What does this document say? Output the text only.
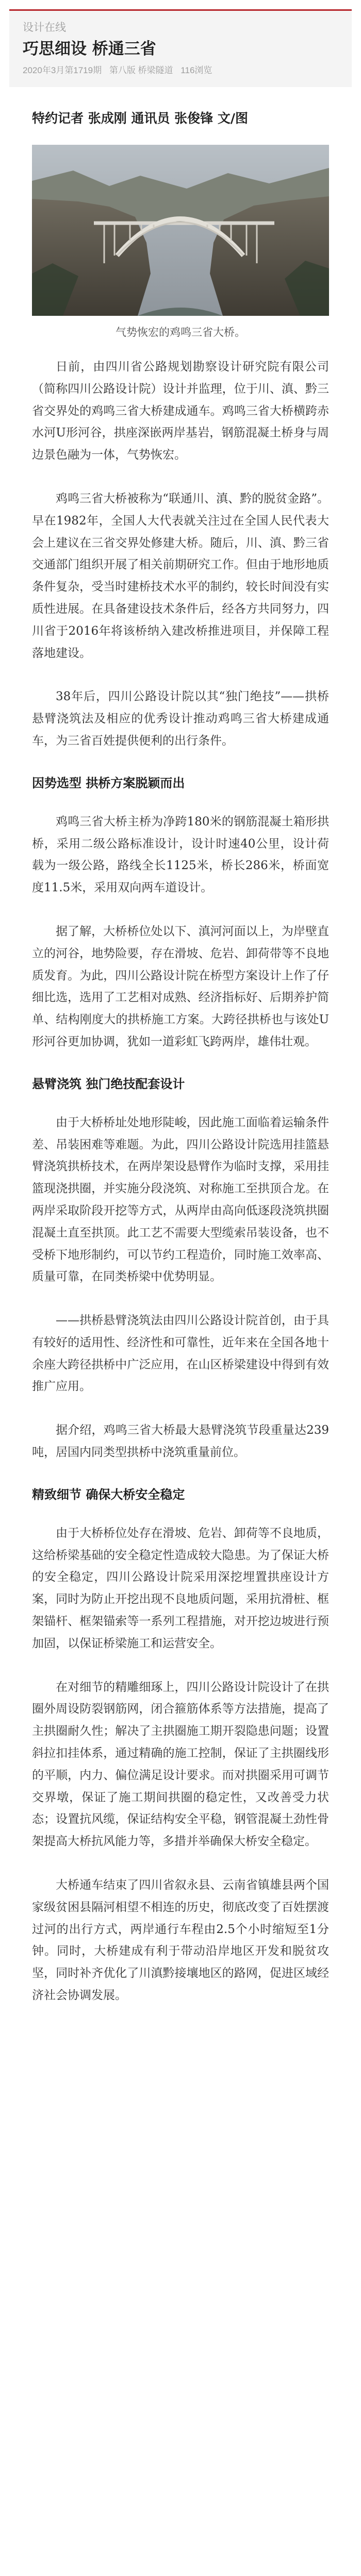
设计在线
巧思细设 桥通三省
2020年3月第1719期 第八版 桥梁隧道 116浏览
特约记者 张成刚 通讯员 张俊锋 文/图
气势恢宏的鸡鸣三省大桥。

日前，由四川省公路规划勘察设计研究院有限公司（简称四川公路设计院）设计并监理，位于川、滇、黔三省交界处的鸡鸣三省大桥建成通车。鸡鸣三省大桥横跨赤水河U形河谷，拱座深嵌两岸基岩，钢筋混凝土桥身与周边景色融为一体，气势恢宏。

鸡鸣三省大桥被称为“联通川、滇、黔的脱贫金路”。早在1982年，全国人大代表就关注过在全国人民代表大会上建议在三省交界处修建大桥。随后，川、滇、黔三省交通部门组织开展了相关前期研究工作。但由于地形地质条件复杂，受当时建桥技术水平的制约，较长时间没有实质性进展。在具备建设技术条件后，经各方共同努力，四川省于2016年将该桥纳入建改桥推进项目，并保障工程落地建设。

38年后，四川公路设计院以其“独门绝技”——拱桥悬臂浇筑法及相应的优秀设计推动鸡鸣三省大桥建成通车，为三省百姓提供便利的出行条件。

因势选型 拱桥方案脱颖而出

鸡鸣三省大桥主桥为净跨180米的钢筋混凝土箱形拱桥，采用二级公路标准设计，设计时速40公里，设计荷载为一级公路，路线全长1125米，桥长286米，桥面宽度11.5米，采用双向两车道设计。

据了解，大桥桥位处以下、滇河河面以上，为岸壁直立的河谷，地势险要，存在滑坡、危岩、卸荷带等不良地质发育。为此，四川公路设计院在桥型方案设计上作了仔细比选，选用了工艺相对成熟、经济指标好、后期养护简单、结构刚度大的拱桥施工方案。大跨径拱桥也与该处U形河谷更加协调，犹如一道彩虹飞跨两岸，雄伟壮观。

悬臂浇筑 独门绝技配套设计

由于大桥桥址处地形陡峻，因此施工面临着运输条件差、吊装困难等难题。为此，四川公路设计院选用挂篮悬臂浇筑拱桥技术，在两岸架设悬臂作为临时支撑，采用挂篮现浇拱圈，并实施分段浇筑、对称施工至拱顶合龙。在两岸采取阶段开挖等方式，从两岸由高向低逐段浇筑拱圈混凝土直至拱顶。此工艺不需要大型缆索吊装设备，也不受桥下地形制约，可以节约工程造价，同时施工效率高、质量可靠，在同类桥梁中优势明显。

——拱桥悬臂浇筑法由四川公路设计院首创，由于具有较好的适用性、经济性和可靠性，近年来在全国各地十余座大跨径拱桥中广泛应用，在山区桥梁建设中得到有效推广应用。

据介绍，鸡鸣三省大桥最大悬臂浇筑节段重量达239吨，居国内同类型拱桥中浇筑重量前位。

精致细节 确保大桥安全稳定

由于大桥桥位处存在滑坡、危岩、卸荷等不良地质，这给桥梁基础的安全稳定性造成较大隐患。为了保证大桥的安全稳定，四川公路设计院采用深挖埋置拱座设计方案，同时为防止开挖出现不良地质问题，采用抗滑桩、框架锚杆、框架锚索等一系列工程措施，对开挖边坡进行预加固，以保证桥梁施工和运营安全。

在对细节的精雕细琢上，四川公路设计院设计了在拱圈外周设防裂钢筋网，闭合箍筋体系等方法措施，提高了主拱圈耐久性；解决了主拱圈施工期开裂隐患问题；设置斜拉扣挂体系，通过精确的施工控制，保证了主拱圈线形的平顺，内力、偏位满足设计要求。而对拱圈采用可调节交界墩，保证了施工期间拱圈的稳定性，又改善受力状态；设置抗风缆，保证结构安全平稳，钢管混凝土劲性骨架提高大桥抗风能力等，多措并举确保大桥安全稳定。

大桥通车结束了四川省叙永县、云南省镇雄县两个国家级贫困县隔河相望不相连的历史，彻底改变了百姓摆渡过河的出行方式，两岸通行车程由2.5个小时缩短至1分钟。同时，大桥建成有利于带动沿岸地区开发和脱贫攻坚，同时补齐优化了川滇黔接壤地区的路网，促进区域经济社会协调发展。
